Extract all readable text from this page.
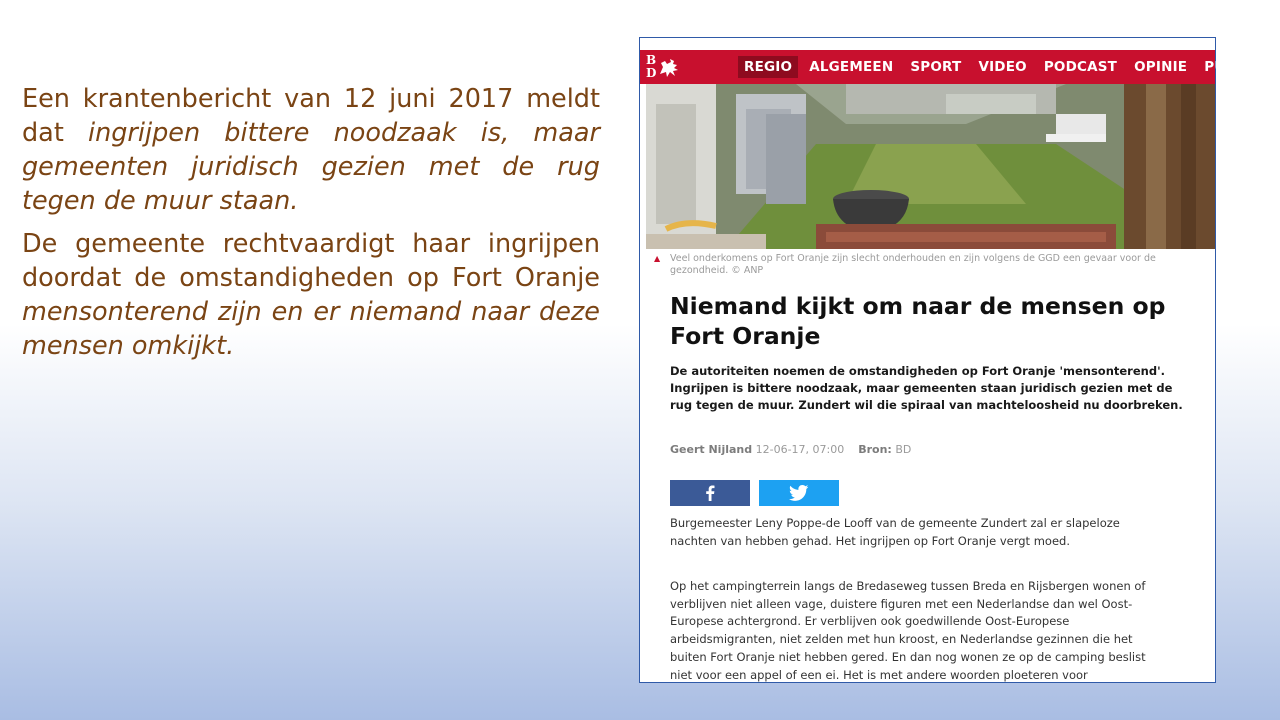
Een krantenbericht van 12 juni 2017 meldt dat ingrijpen bittere noodzaak is, maar gemeenten juridisch gezien met de rug tegen de muur staan.

De gemeente rechtvaardigt haar ingrijpen doordat de omstandigheden op Fort Oranje mensonterend zijn en er niemand naar deze mensen omkijkt.

B
D	REGIO	ALGEMEEN	SPORT	VIDEO	PODCAST	OPINIE	PUZ
▲ Veel onderkomens op Fort Oranje zijn slecht onderhouden en zijn volgens de GGD een gevaar voor de gezondheid. © ANP
Niemand kijkt om naar de mensen op Fort Oranje

De autoriteiten noemen de omstandigheden op Fort Oranje 'mensonterend'. Ingrijpen is bittere noodzaak, maar gemeenten staan juridisch gezien met de rug tegen de muur. Zundert wil die spiraal van machteloosheid nu doorbreken.

Geert Nijland 12-06-17, 07:00 Bron: BD

Burgemeester Leny Poppe-de Looff van de gemeente Zundert zal er slapeloze nachten van hebben gehad. Het ingrijpen op Fort Oranje vergt moed.

Op het campingterrein langs de Bredaseweg tussen Breda en Rijsbergen wonen of verblijven niet alleen vage, duistere figuren met een Nederlandse dan wel Oost-Europese achtergrond. Er verblijven ook goedwillende Oost-Europese arbeidsmigranten, niet zelden met hun kroost, en Nederlandse gezinnen die het buiten Fort Oranje niet hebben gered. En dan nog wonen ze op de camping beslist niet voor een appel of een ei. Het is met andere woorden ploeteren voor
